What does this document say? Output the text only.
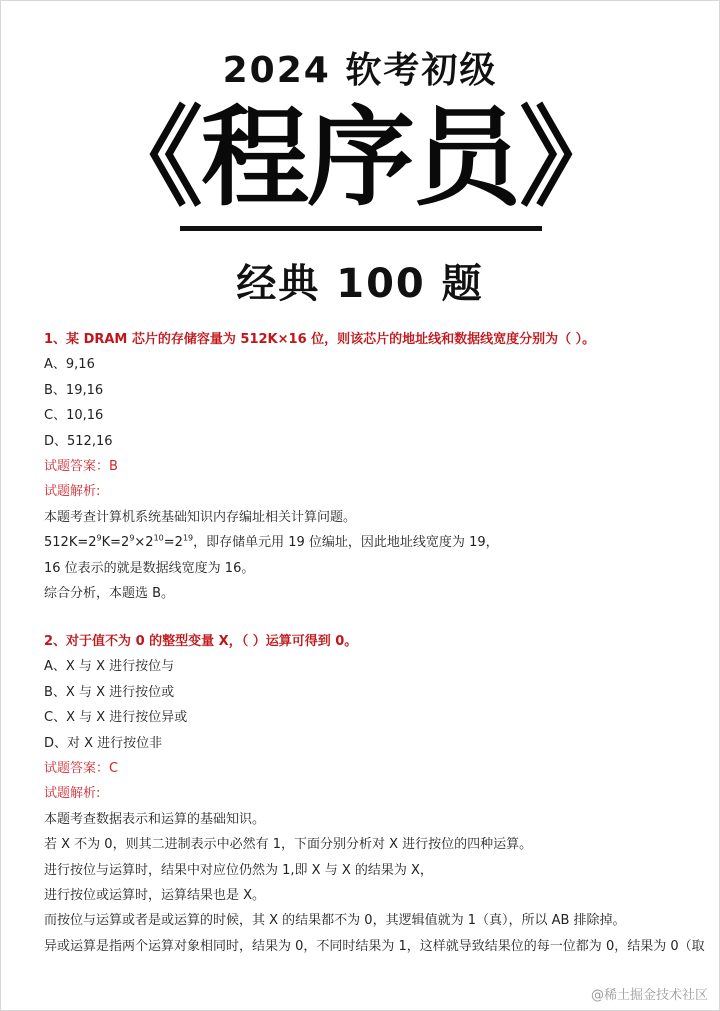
2024 软考初级
《程序员》
经典 100 题
1、某 DRAM 芯片的存储容量为 512K×16 位，则该芯片的地址线和数据线宽度分别为（ ）。
A、9,16
B、19,16
C、10,16
D、512,16
试题答案：B
试题解析:
本题考查计算机系统基础知识内存编址相关计算问题。
$512K=2^9K=2^9\times 2^{10}=2^{19}$，即存储单元用 19 位编址，因此地址线宽度为 19，
16 位表示的就是数据线宽度为 16。
综合分析，本题选 B。
2、对于值不为 0 的整型变量 X，（ ）运算可得到 0。
A、X 与 X 进行按位与
B、X 与 X 进行按位或
C、X 与 X 进行按位异或
D、对 X 进行按位非
试题答案：C
试题解析:
本题考查数据表示和运算的基础知识。
若 X 不为 0，则其二进制表示中必然有 1，下面分别分析对 X 进行按位的四种运算。
进行按位与运算时，结果中对应位仍然为 1,即 X 与 X 的结果为 X，
进行按位或运算时，运算结果也是 X。
而按位与运算或者是或运算的时候，其 X 的结果都不为 0，其逻辑值就为 1（真），所以 AB 排除掉。
异或运算是指两个运算对象相同时，结果为 0，不同时结果为 1，这样就导致结果位的每一位都为 0，结果为 0（取
@稀土掘金技术社区
